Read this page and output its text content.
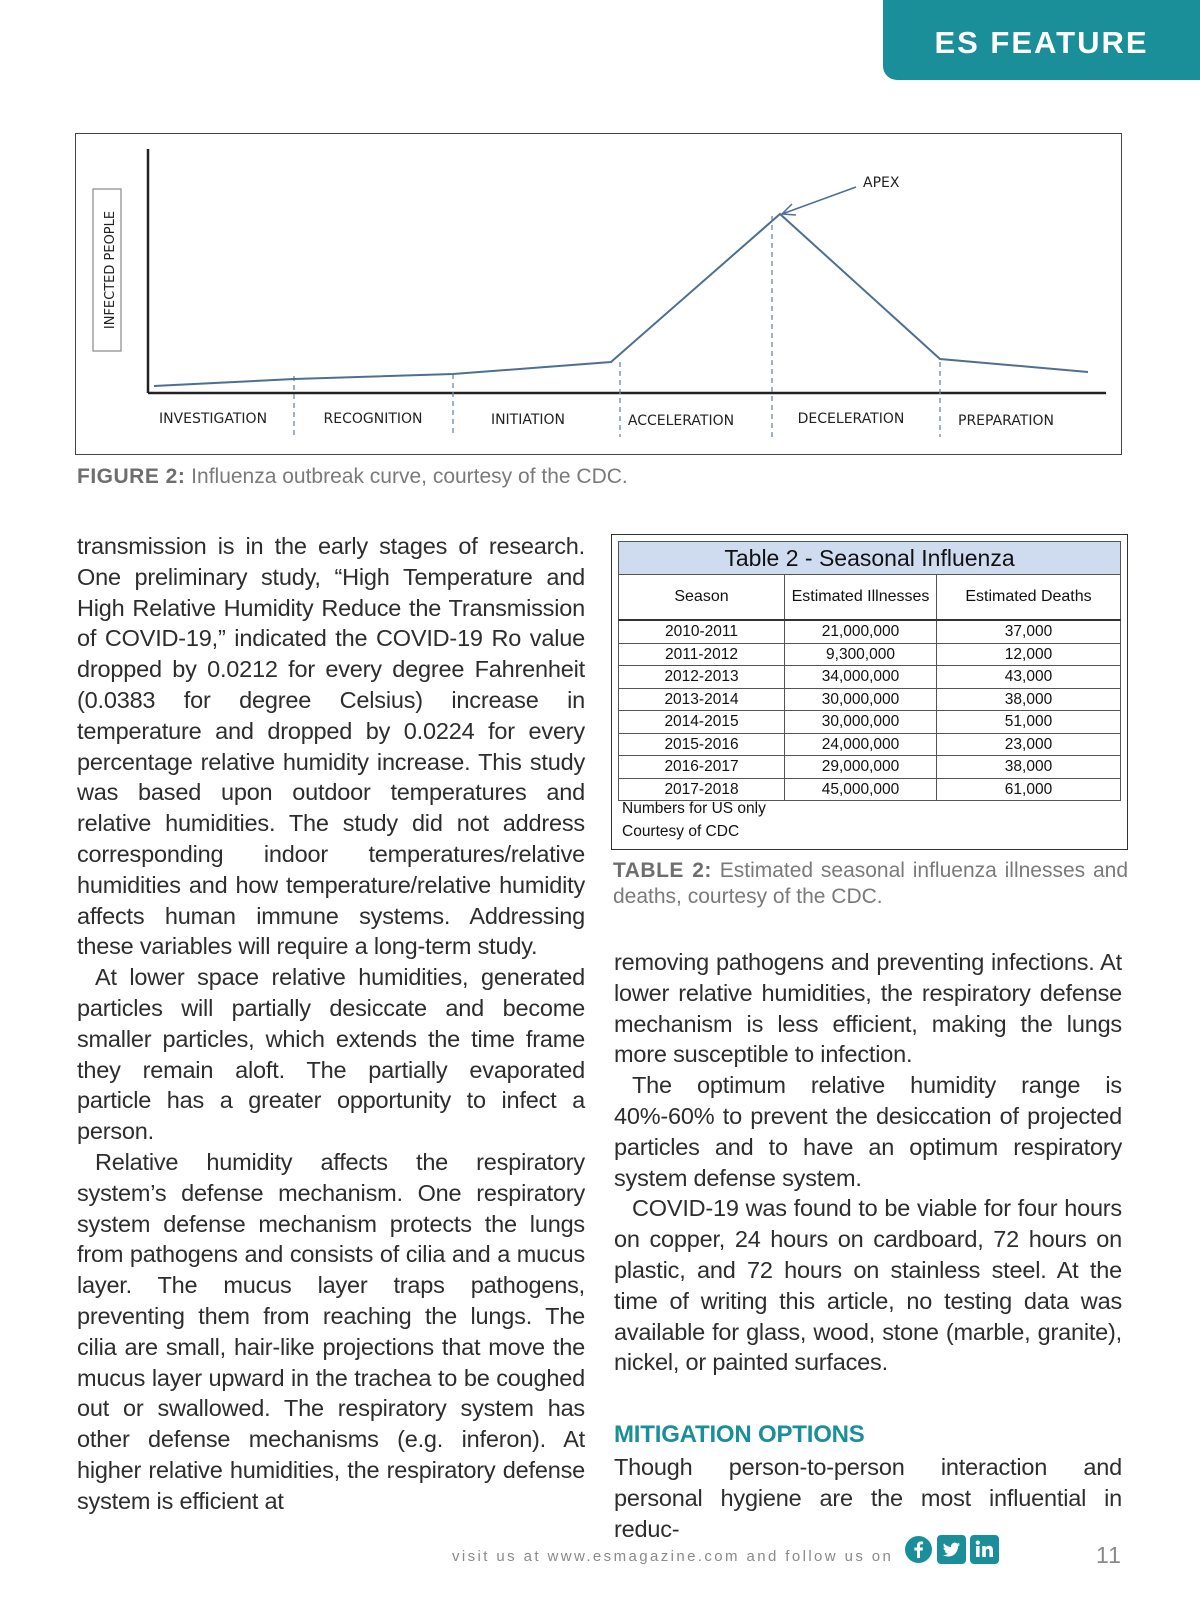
ES FEATURE
INFECTED PEOPLE
APEX
INVESTIGATION	RECOGNITION	INITIATION	ACCELERATION	DECELERATION	PREPARATION
FIGURE 2: Influenza outbreak curve, courtesy of the CDC.

transmission is in the early stages of research. One preliminary study, “High Temperature and High Relative Humidity Reduce the Transmission of COVID-19,” indicated the COVID-19 Ro value dropped by 0.0212 for every degree Fahrenheit (0.0383 for degree Celsius) increase in temperature and dropped by 0.0224 for every percentage relative humidity increase. This study was based upon outdoor temperatures and relative humidities. The study did not address corresponding indoor temperatures/relative humidities and how temperature/relative humidity affects human immune systems. Addressing these variables will require a long-term study.

At lower space relative humidities, generated particles will partially desiccate and become smaller particles, which extends the time frame they remain aloft. The partially evaporated particle has a greater opportunity to infect a person.

Relative humidity affects the respiratory system’s defense mechanism. One respiratory system defense mechanism protects the lungs from pathogens and consists of cilia and a mucus layer. The mucus layer traps pathogens, preventing them from reaching the lungs. The cilia are small, hair-like projections that move the mucus layer upward in the trachea to be coughed out or swallowed. The respiratory system has other defense mechanisms (e.g. inferon). At higher relative humidities, the respiratory defense system is efficient at

Table 2 - Seasonal Influenza		
Season	Estimated Illnesses	Estimated Deaths
2010-2011	21,000,000	37,000
2011-2012	9,300,000	12,000
2012-2013	34,000,000	43,000
2013-2014	30,000,000	38,000
2014-2015	30,000,000	51,000
2015-2016	24,000,000	23,000
2016-2017	29,000,000	38,000
2017-2018	45,000,000	61,000
Numbers for US only
Courtesy of CDC
TABLE 2: Estimated seasonal influenza illnesses and deaths, courtesy of the CDC.

removing pathogens and preventing infections. At lower relative humidities, the respiratory defense mechanism is less efficient, making the lungs more susceptible to infection.

The optimum relative humidity range is 40%-60% to prevent the desiccation of projected particles and to have an optimum respiratory system defense system.

COVID-19 was found to be viable for four hours on copper, 24 hours on cardboard, 72 hours on plastic, and 72 hours on stainless steel. At the time of writing this article, no testing data was available for glass, wood, stone (marble, granite), nickel, or painted surfaces.

MITIGATION OPTIONS

Though person-to-person interaction and personal hygiene are the most influential in reduc-

visit us at www.esmagazine.com and follow us on	11
